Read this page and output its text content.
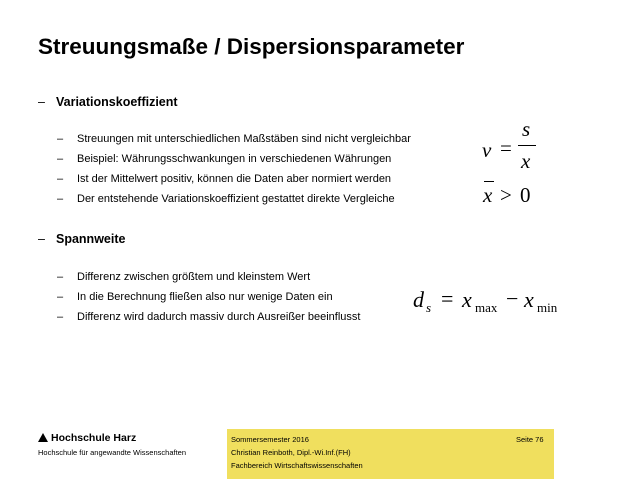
Streuungsmaße / Dispersionsparameter
– Variationskoeffizient
– Streuungen mit unterschiedlichen Maßstäben sind nicht vergleichbar
– Beispiel: Währungsschwankungen in verschiedenen Währungen
– Ist der Mittelwert positiv, können die Daten aber normiert werden
– Der entstehende Variationskoeffizient gestattet direkte Vergleiche
– Spannweite
– Differenz zwischen größtem und kleinstem Wert
– In die Berechnung fließen also nur wenige Daten ein
– Differenz wird dadurch massiv durch Ausreißer beeinflusst
v =
s
x
x > 0
d s = x max − x min
Hochschule Harz
Hochschule für angewandte Wissenschaften
Sommersemester 2016
Christian Reinboth, Dipl.-Wi.Inf.(FH)
Fachbereich Wirtschaftswissenschaften
Seite 76
